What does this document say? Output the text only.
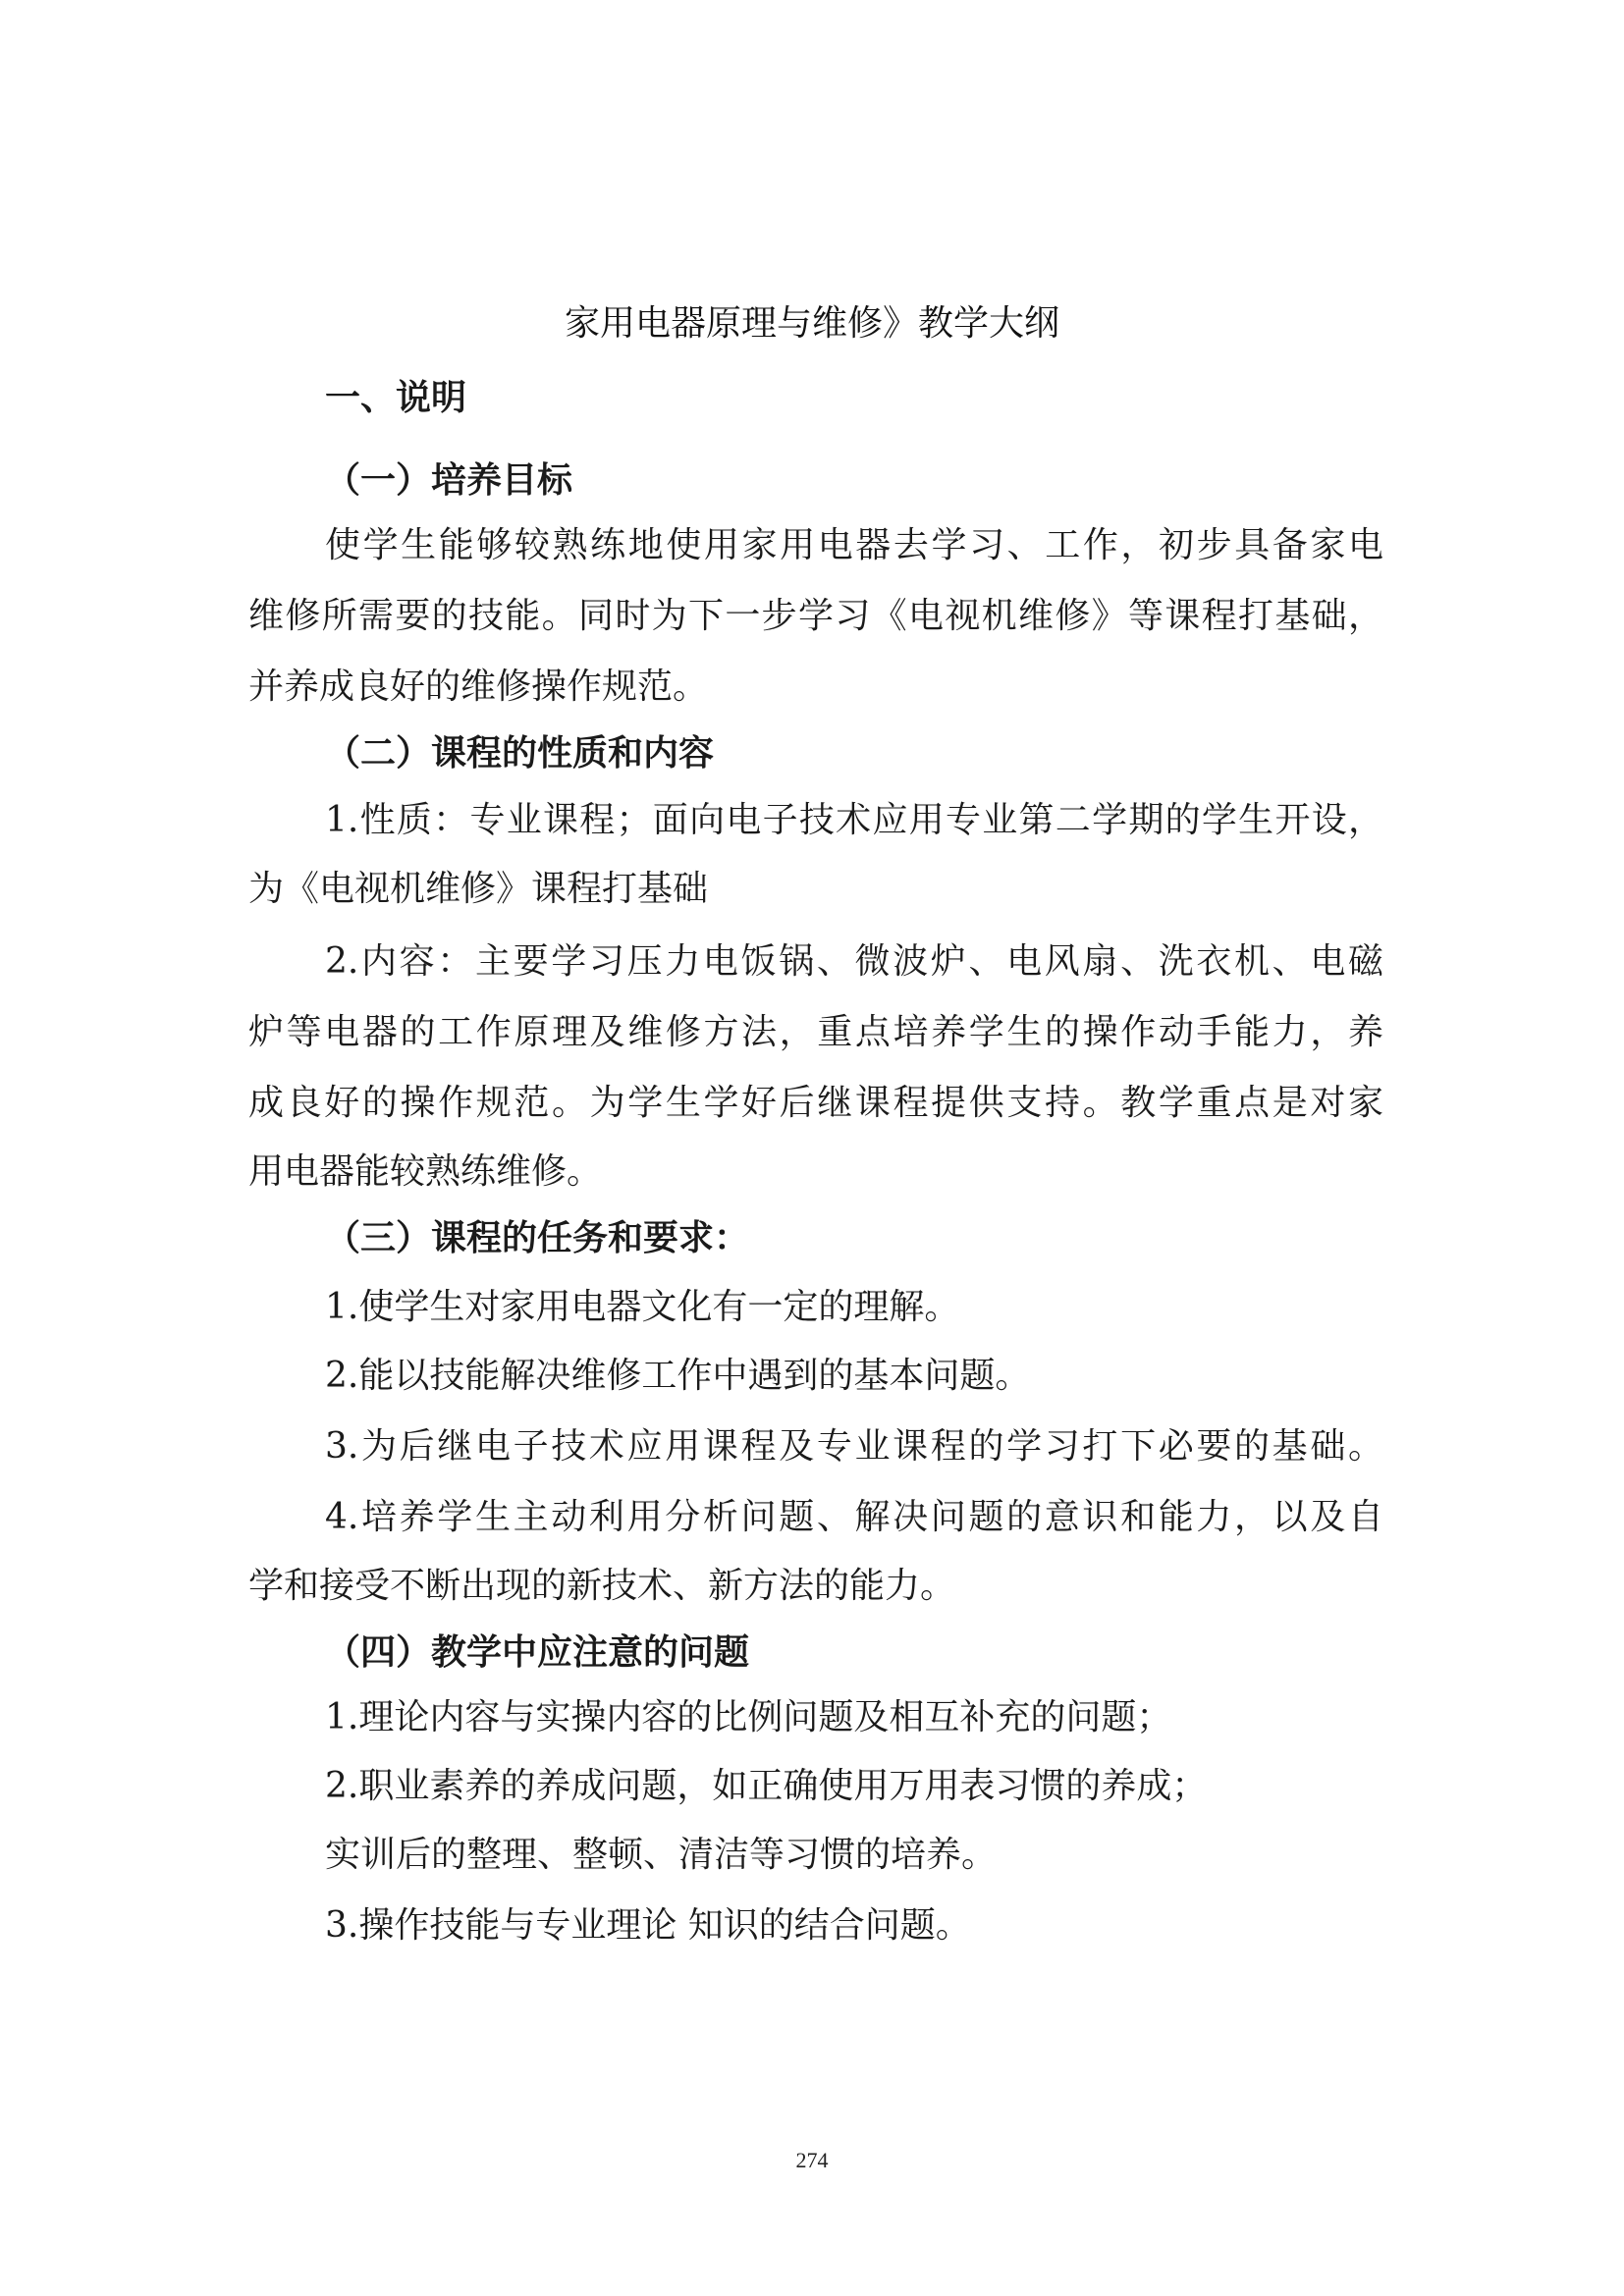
家用电器原理与维修》教学大纲
一、说明
（一）培养目标
使学生能够较熟练地使用家用电器去学习、工作，初步具备家电
维修所需要的技能。同时为下一步学习《电视机维修》等课程打基础，
并养成良好的维修操作规范。
（二）课程的性质和内容
1.性质：专业课程；面向电子技术应用专业第二学期的学生开设，
为《电视机维修》课程打基础
2.内容：主要学习压力电饭锅、微波炉、电风扇、洗衣机、电磁
炉等电器的工作原理及维修方法，重点培养学生的操作动手能力，养
成良好的操作规范。为学生学好后继课程提供支持。教学重点是对家
用电器能较熟练维修。
（三）课程的任务和要求：
1.使学生对家用电器文化有一定的理解。
2.能以技能解决维修工作中遇到的基本问题。
3.为后继电子技术应用课程及专业课程的学习打下必要的基础。
4.培养学生主动利用分析问题、解决问题的意识和能力，以及自
学和接受不断出现的新技术、新方法的能力。
（四）教学中应注意的问题
1.理论内容与实操内容的比例问题及相互补充的问题；
2.职业素养的养成问题，如正确使用万用表习惯的养成；
实训后的整理、整顿、清洁等习惯的培养。
3.操作技能与专业理论 知识的结合问题。
274
